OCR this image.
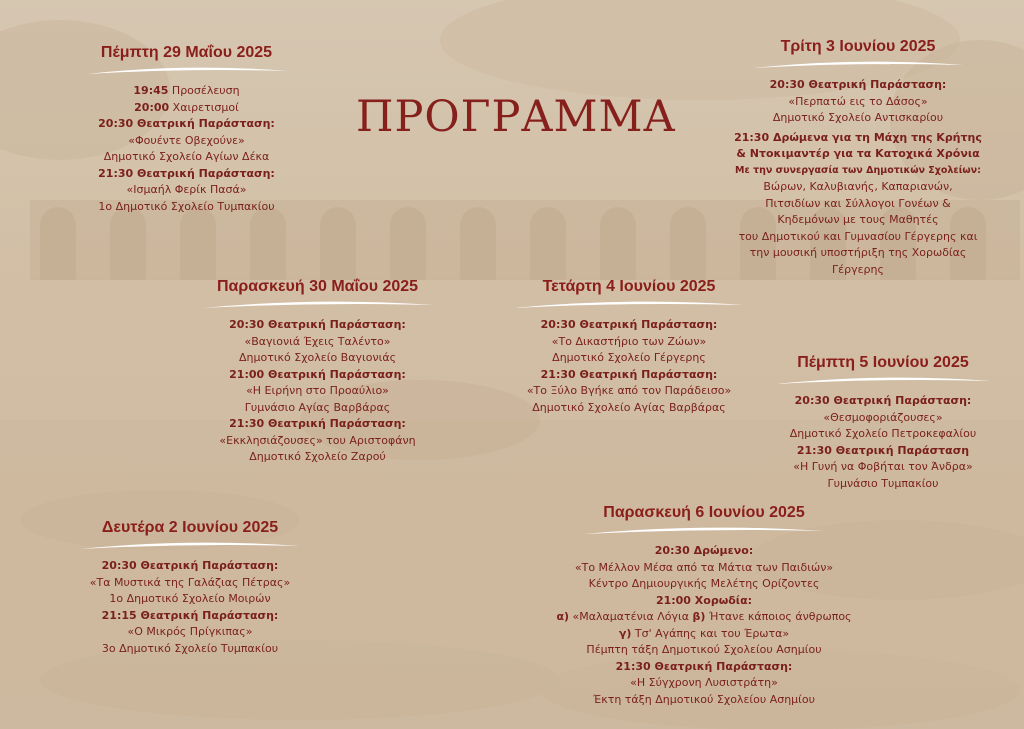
ΠΡΟΓΡΑΜΜΑ
Πέμπτη 29 Μαΐου 2025
19:45 Προσέλευση
20:00 Χαιρετισμοί
20:30 Θεατρική Παράσταση:
«Φουέντε Οβεχούνε»
Δημοτικό Σχολείο Αγίων Δέκα
21:30 Θεατρική Παράσταση:
«Ισμαήλ Φερίκ Πασά»
1ο Δημοτικό Σχολείο Τυμπακίου
Παρασκευή 30 Μαΐου 2025
20:30 Θεατρική Παράσταση:
«Βαγιονιά Έχεις Ταλέντο»
Δημοτικό Σχολείο Βαγιονιάς
21:00 Θεατρική Παράσταση:
«Η Ειρήνη στο Προαύλιο»
Γυμνάσιο Αγίας Βαρβάρας
21:30 Θεατρική Παράσταση:
«Εκκλησιάζουσες» του Αριστοφάνη
Δημοτικό Σχολείο Ζαρού
Δευτέρα 2 Ιουνίου 2025
20:30 Θεατρική Παράσταση:
«Τα Μυστικά της Γαλάζιας Πέτρας»
1ο Δημοτικό Σχολείο Μοιρών
21:15 Θεατρική Παράσταση:
«Ο Μικρός Πρίγκιπας»
3ο Δημοτικό Σχολείο Τυμπακίου
Τρίτη 3 Ιουνίου 2025
20:30 Θεατρική Παράσταση:
«Περπατώ εις το Δάσος»
Δημοτικό Σχολείο Αντισκαρίου
21:30 Δρώμενα για τη Μάχη της Κρήτης
& Ντοκιμαντέρ για τα Κατοχικά Χρόνια
Με την συνεργασία των Δημοτικών Σχολείων:
Βώρων, Καλυβιανής, Καπαριανών,
Πιτσιδίων και Σύλλογοι Γονέων &
Κηδεμόνων με τους Μαθητές
του Δημοτικού και Γυμνασίου Γέργερης και
την μουσική υποστήριξη της Χορωδίας
Γέργερης
Τετάρτη 4 Ιουνίου 2025
20:30 Θεατρική Παράσταση:
«Το Δικαστήριο των Ζώων»
Δημοτικό Σχολείο Γέργερης
21:30 Θεατρική Παράσταση:
«Το Ξύλο Βγήκε από τον Παράδεισο»
Δημοτικό Σχολείο Αγίας Βαρβάρας
Πέμπτη 5 Ιουνίου 2025
20:30 Θεατρική Παράσταση:
«Θεσμοφοριάζουσες»
Δημοτικό Σχολείο Πετροκεφαλίου
21:30 Θεατρική Παράσταση
«Η Γυνή να Φοβήται τον Άνδρα»
Γυμνάσιο Τυμπακίου
Παρασκευή 6 Ιουνίου 2025
20:30 Δρώμενο:
«Το Μέλλον Μέσα από τα Μάτια των Παιδιών»
Κέντρο Δημιουργικής Μελέτης Ορίζοντες
21:00 Χορωδία:
α) «Μαλαματένια Λόγια β) Ήτανε κάποιος άνθρωπος
γ) Τσ' Αγάπης και του Έρωτα»
Πέμπτη τάξη Δημοτικού Σχολείου Ασημίου
21:30 Θεατρική Παράσταση:
«Η Σύγχρονη Λυσιστράτη»
Έκτη τάξη Δημοτικού Σχολείου Ασημίου
